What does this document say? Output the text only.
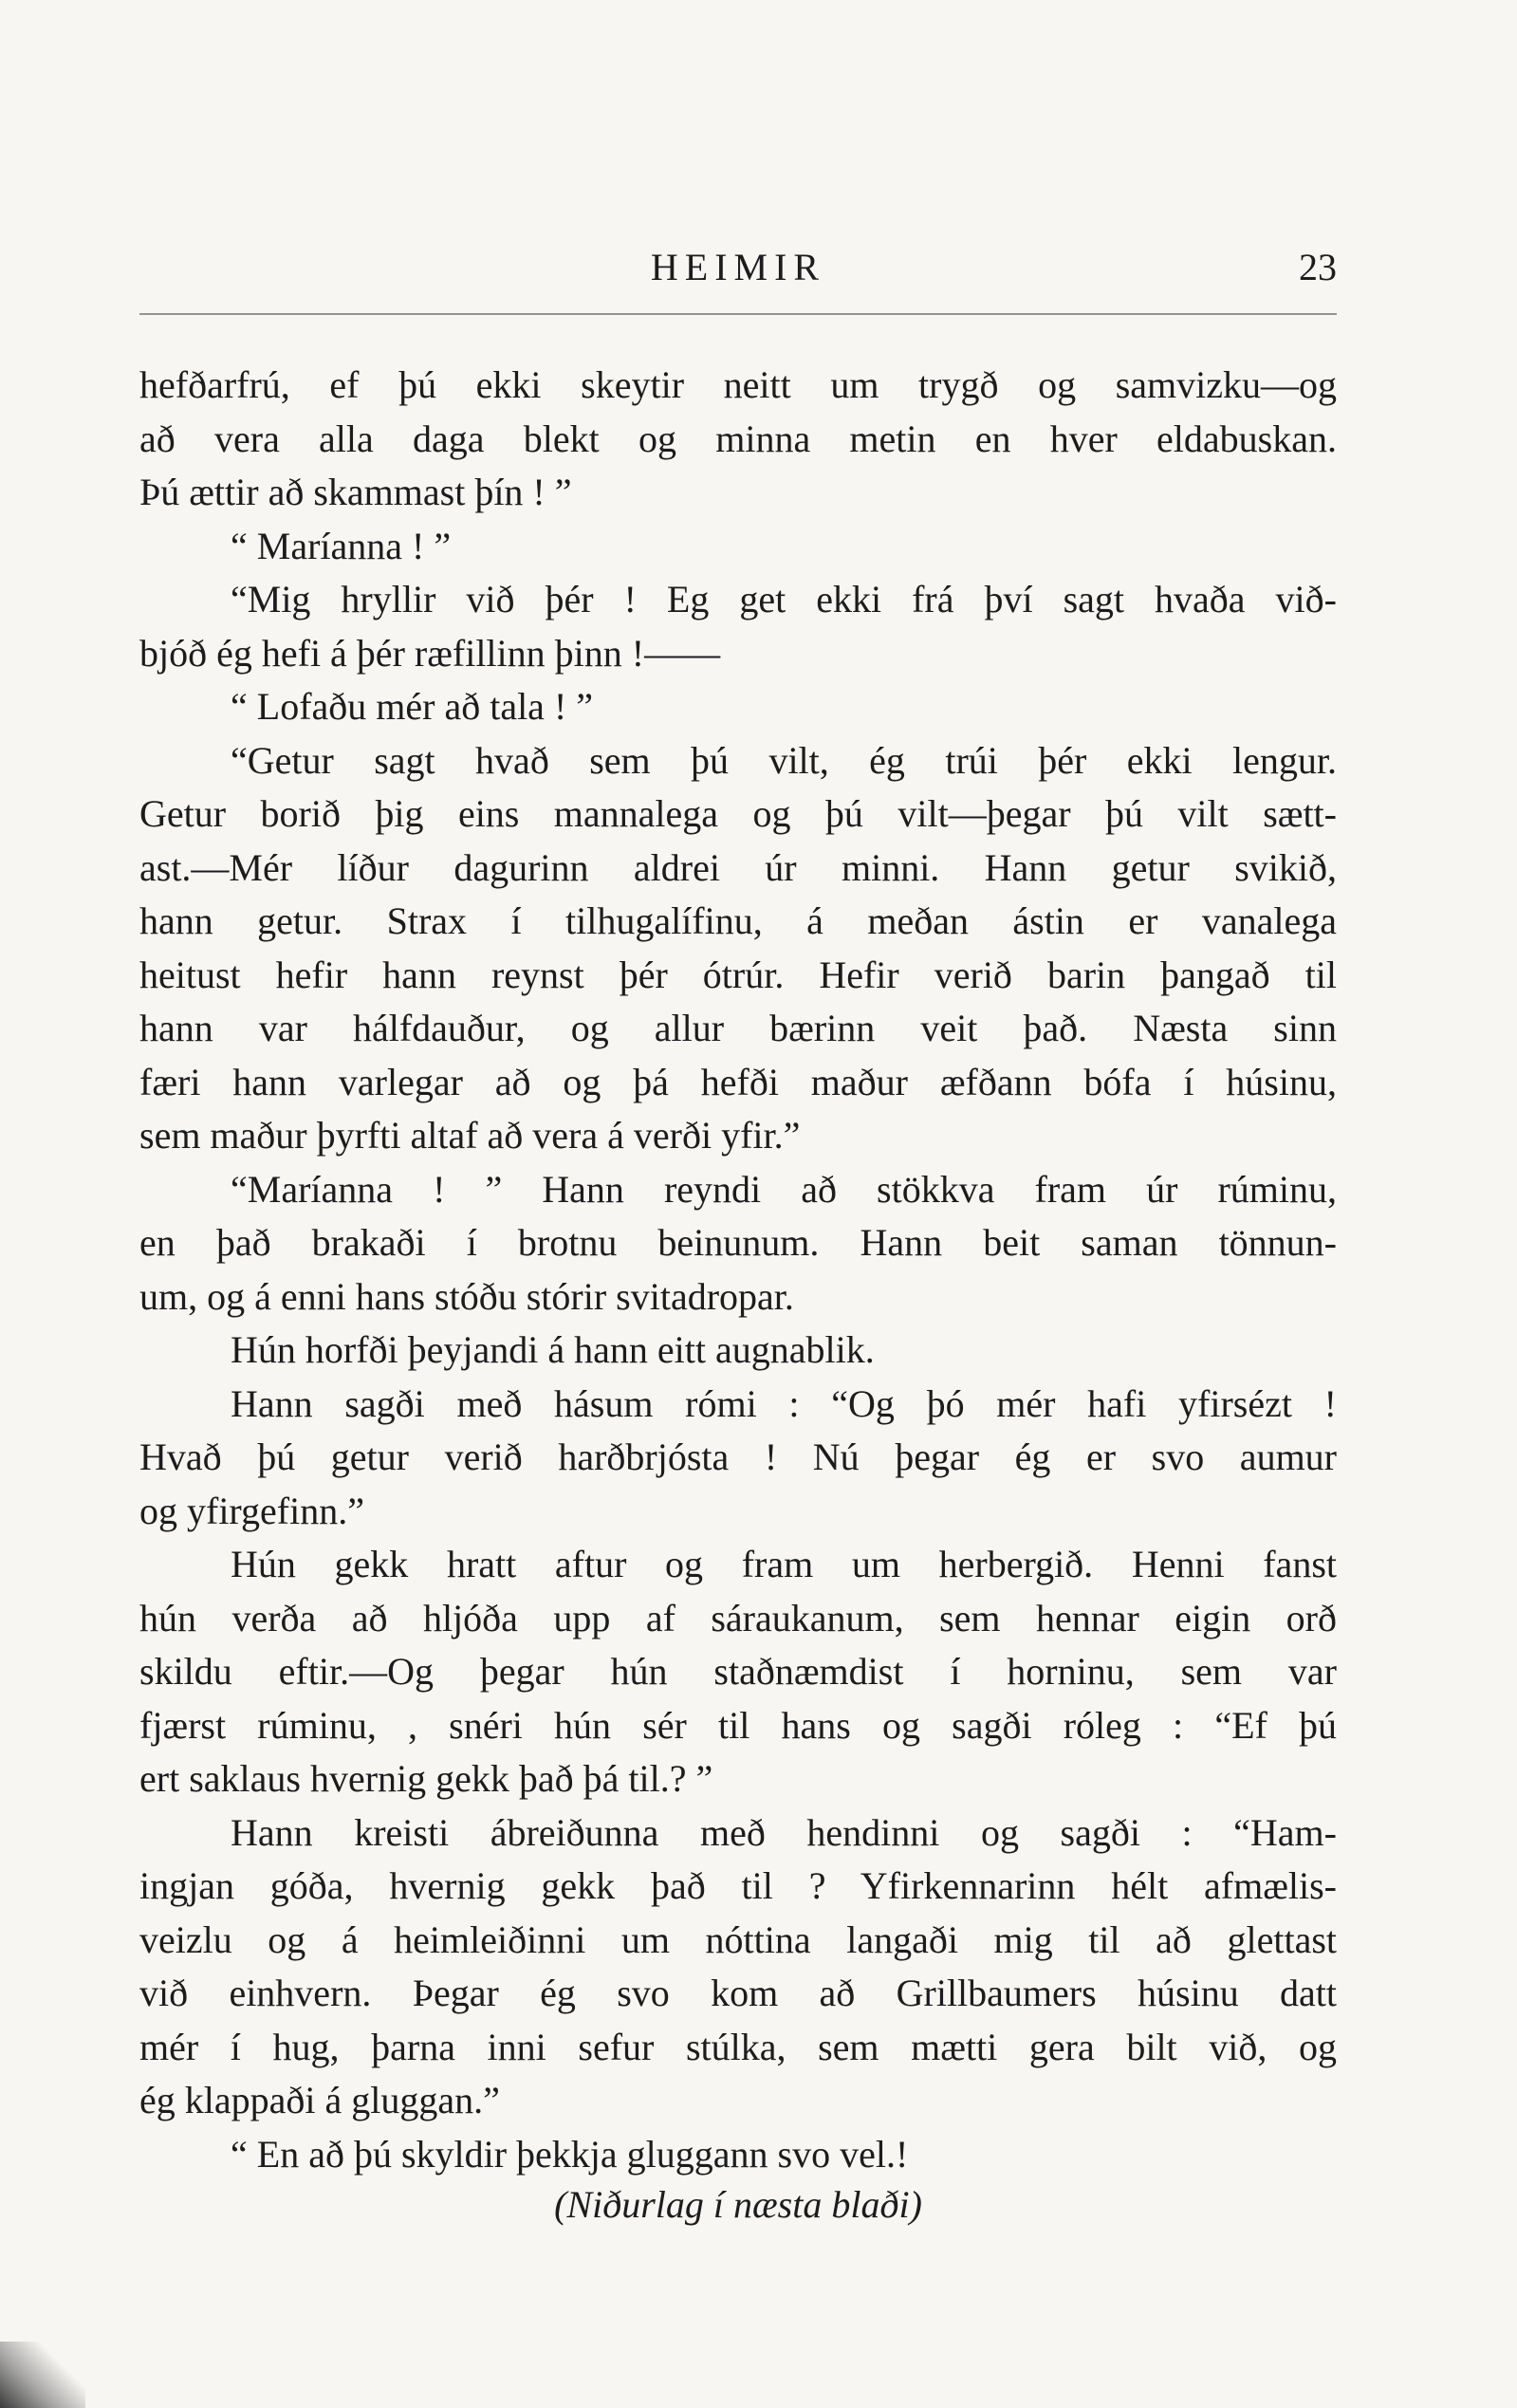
HEIMIR	23
hefðarfrú, ef þú ekki skeytir neitt um trygð og samvizku—og
að vera alla daga blekt og minna metin en hver eldabuskan.
Þú ættir að skammast þín ! ”
“ Maríanna ! ”
“Mig hryllir við þér ! Eg get ekki frá því sagt hvaða við-
bjóð ég hefi á þér ræfillinn þinn !——
“ Lofaðu mér að tala ! ”
“Getur sagt hvað sem þú vilt, ég trúi þér ekki lengur.
Getur borið þig eins mannalega og þú vilt—þegar þú vilt sætt-
ast.—Mér líður dagurinn aldrei úr minni. Hann getur svikið,
hann getur. Strax í tilhugalífinu, á meðan ástin er vanalega
heitust hefir hann reynst þér ótrúr. Hefir verið barin þangað til
hann var hálfdauður, og allur bærinn veit það. Næsta sinn
færi hann varlegar að og þá hefði maður æfðann bófa í húsinu,
sem maður þyrfti altaf að vera á verði yfir.”
“Maríanna ! ” Hann reyndi að stökkva fram úr rúminu,
en það brakaði í brotnu beinunum. Hann beit saman tönnun-
um, og á enni hans stóðu stórir svitadropar.
Hún horfði þeyjandi á hann eitt augnablik.
Hann sagði með hásum rómi : “Og þó mér hafi yfirsézt !
Hvað þú getur verið harðbrjósta ! Nú þegar ég er svo aumur
og yfirgefinn.”
Hún gekk hratt aftur og fram um herbergið. Henni fanst
hún verða að hljóða upp af sáraukanum, sem hennar eigin orð
skildu eftir.—Og þegar hún staðnæmdist í horninu, sem var
fjærst rúminu, , snéri hún sér til hans og sagði róleg : “Ef þú
ert saklaus hvernig gekk það þá til.? ”
Hann kreisti ábreiðunna með hendinni og sagði : “Ham-
ingjan góða, hvernig gekk það til ? Yfirkennarinn hélt afmælis-
veizlu og á heimleiðinni um nóttina langaði mig til að glettast
við einhvern. Þegar ég svo kom að Grillbaumers húsinu datt
mér í hug, þarna inni sefur stúlka, sem mætti gera bilt við, og
ég klappaði á gluggan.”
“ En að þú skyldir þekkja gluggann svo vel.!
(Niðurlag í næsta blaði)
